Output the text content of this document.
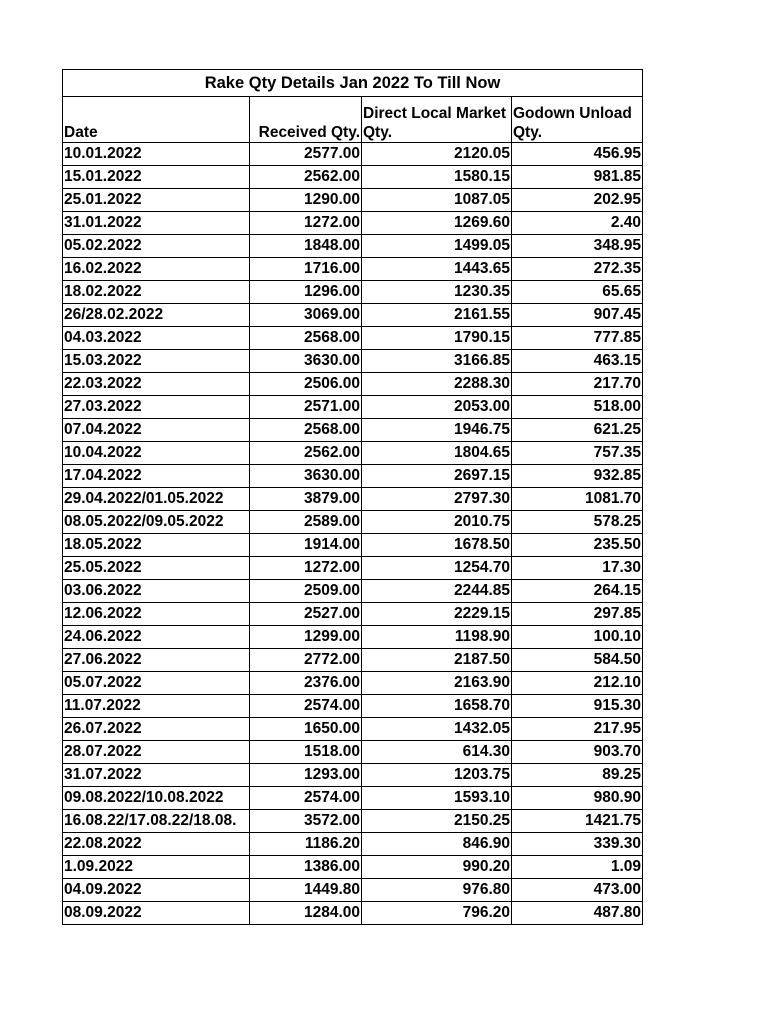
Rake Qty Details Jan 2022 To Till Now			
Date	Received Qty.	Direct Local Market Qty.	Godown Unload Qty.
10.01.2022	2577.00	2120.05	456.95
15.01.2022	2562.00	1580.15	981.85
25.01.2022	1290.00	1087.05	202.95
31.01.2022	1272.00	1269.60	2.40
05.02.2022	1848.00	1499.05	348.95
16.02.2022	1716.00	1443.65	272.35
18.02.2022	1296.00	1230.35	65.65
26/28.02.2022	3069.00	2161.55	907.45
04.03.2022	2568.00	1790.15	777.85
15.03.2022	3630.00	3166.85	463.15
22.03.2022	2506.00	2288.30	217.70
27.03.2022	2571.00	2053.00	518.00
07.04.2022	2568.00	1946.75	621.25
10.04.2022	2562.00	1804.65	757.35
17.04.2022	3630.00	2697.15	932.85
29.04.2022/01.05.2022	3879.00	2797.30	1081.70
08.05.2022/09.05.2022	2589.00	2010.75	578.25
18.05.2022	1914.00	1678.50	235.50
25.05.2022	1272.00	1254.70	17.30
03.06.2022	2509.00	2244.85	264.15
12.06.2022	2527.00	2229.15	297.85
24.06.2022	1299.00	1198.90	100.10
27.06.2022	2772.00	2187.50	584.50
05.07.2022	2376.00	2163.90	212.10
11.07.2022	2574.00	1658.70	915.30
26.07.2022	1650.00	1432.05	217.95
28.07.2022	1518.00	614.30	903.70
31.07.2022	1293.00	1203.75	89.25
09.08.2022/10.08.2022	2574.00	1593.10	980.90
16.08.22/17.08.22/18.08.	3572.00	2150.25	1421.75
22.08.2022	1186.20	846.90	339.30
1.09.2022	1386.00	990.20	1.09
04.09.2022	1449.80	976.80	473.00
08.09.2022	1284.00	796.20	487.80
